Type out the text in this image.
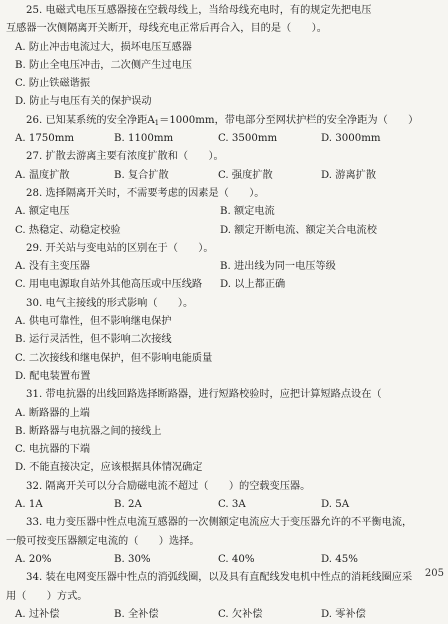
25. 电磁式电压互感器接在空载母线上，当给母线充电时，有的规定先把电压
互感器一次侧隔离开关断开，母线充电正常后再合入，目的是（　　）。
A. 防止冲击电流过大，损坏电压互感器
B. 防止全电压冲击，二次侧产生过电压
C. 防止铁磁谐振
D. 防止与电压有关的保护误动
26. 已知某系统的安全净距$A_1=1000mm$，带电部分至网状护栏的安全净距为（　　）
A. 1750mm	B. 1100mm	C. 3500mm	D. 3000mm
27. 扩散去游离主要有浓度扩散和（　　）。
A. 温度扩散	B. 复合扩散	C. 强度扩散	D. 游离扩散
28. 选择隔离开关时，不需要考虑的因素是（　　）。
A. 额定电压	B. 额定电流
C. 热稳定、动稳定校验	D. 额定开断电流、额定关合电流校
29. 开关站与变电站的区别在于（　　）。
A. 没有主变压器	B. 进出线为同一电压等级
C. 用电电源取自站外其他高压或中压线路	D. 以上都正确
30. 电气主接线的形式影响（　　）。
A. 供电可靠性，但不影响继电保护
B. 运行灵活性，但不影响二次接线
C. 二次接线和继电保护，但不影响电能质量
D. 配电装置布置
31. 带电抗器的出线回路选择断路器，进行短路校验时，应把计算短路点设在（
A. 断路器的上端
B. 断路器与电抗器之间的接线上
C. 电抗器的下端
D. 不能直接决定，应该根据具体情况确定
32. 隔离开关可以分合励磁电流不超过（　　）的空载变压器。
A. 1A	B. 2A	C. 3A	D. 5A
33. 电力变压器中性点电流互感器的一次侧额定电流应大于变压器允许的不平衡电流，
一般可按变压器额定电流的（　　）选择。
A. 20%	B. 30%	C. 40%	D. 45%
34. 装在电网变压器中性点的消弧线圈，以及具有直配线发电机中性点的消耗线圈应采
用（　　）方式。
A. 过补偿	B. 全补偿	C. 欠补偿	D. 零补偿
205
